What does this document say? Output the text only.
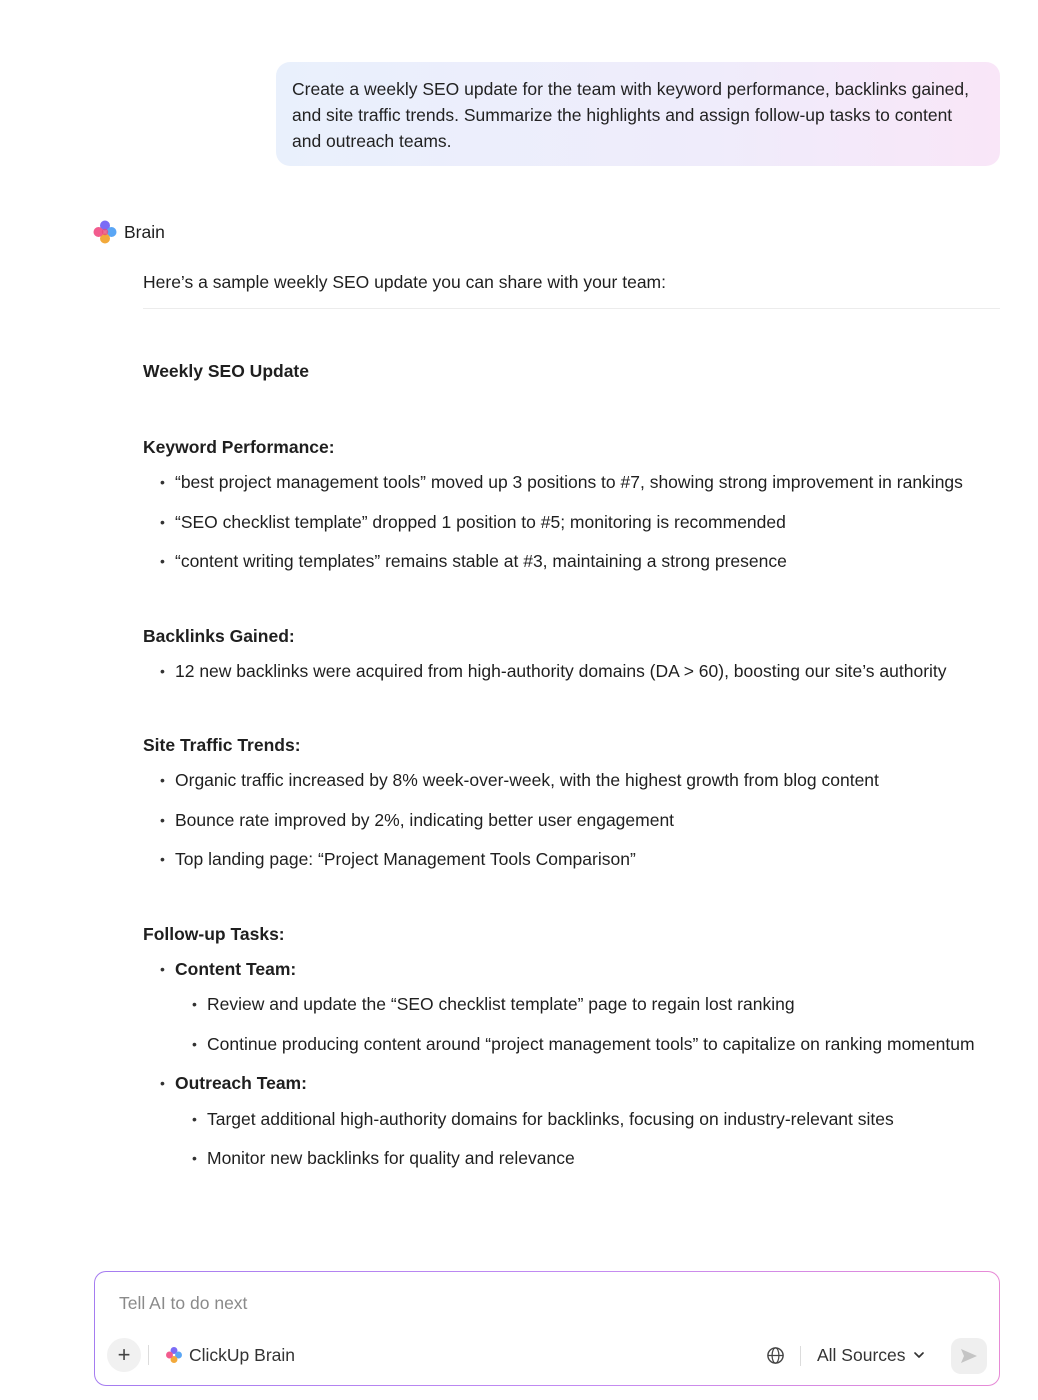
Create a weekly SEO update for the team with keyword performance, backlinks gained, and site traffic trends. Summarize the highlights and assign follow-up tasks to content and outreach teams.
Brain
Here’s a sample weekly SEO update you can share with your team:
Weekly SEO Update
Keyword Performance:
• “best project management tools” moved up 3 positions to #7, showing strong improvement in rankings
• “SEO checklist template” dropped 1 position to #5; monitoring is recommended
• “content writing templates” remains stable at #3, maintaining a strong presence
Backlinks Gained:
• 12 new backlinks were acquired from high-authority domains (DA > 60), boosting our site’s authority
Site Traffic Trends:
• Organic traffic increased by 8% week-over-week, with the highest growth from blog content
• Bounce rate improved by 2%, indicating better user engagement
• Top landing page: “Project Management Tools Comparison”
Follow-up Tasks:
• Content Team:
• Review and update the “SEO checklist template” page to regain lost ranking
• Continue producing content around “project management tools” to capitalize on ranking momentum
• Outreach Team:
• Target additional high-authority domains for backlinks, focusing on industry-relevant sites
• Monitor new backlinks for quality and relevance
Tell AI to do next
+	ClickUp Brain	All Sources
